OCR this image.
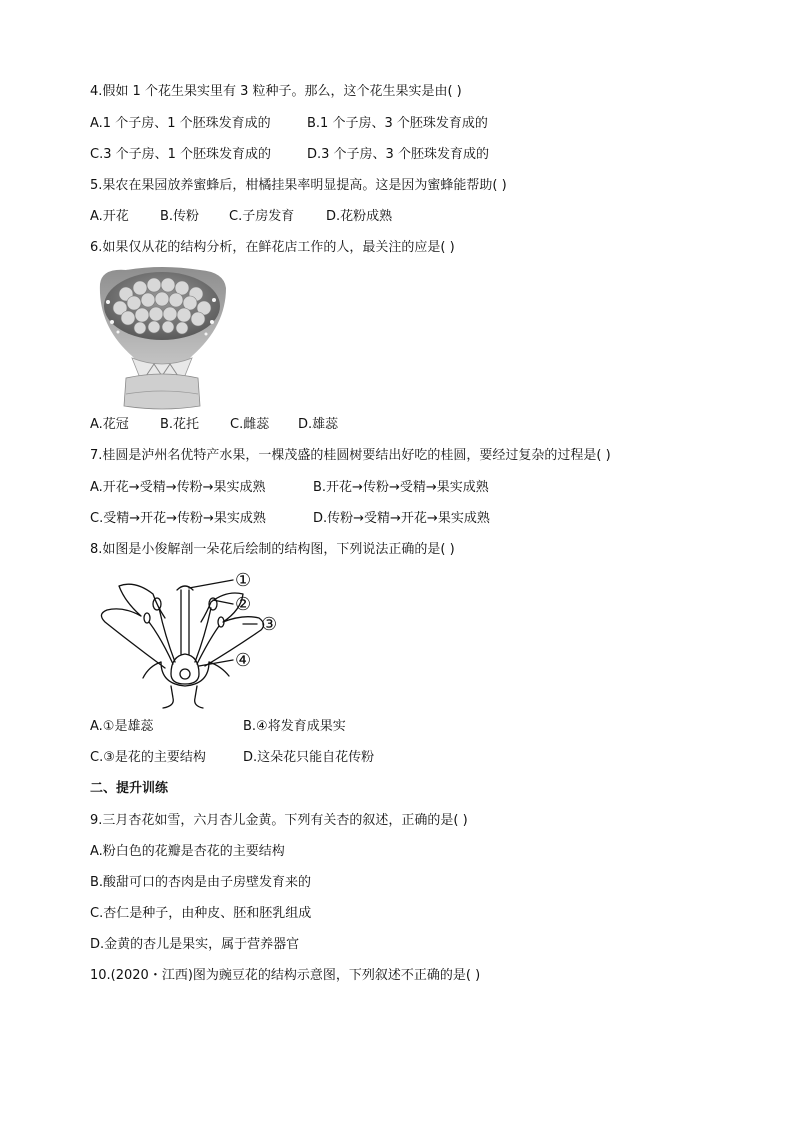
4.假如 1 个花生果实里有 3 粒种子。那么，这个花生果实是由( )
A.1 个子房、1 个胚珠发育成的	B.1 个子房、3 个胚珠发育成的
C.3 个子房、1 个胚珠发育成的	D.3 个子房、3 个胚珠发育成的
5.果农在果园放养蜜蜂后，柑橘挂果率明显提高。这是因为蜜蜂能帮助( )
A.开花 B.传粉 C.子房发育 D.花粉成熟
6.如果仅从花的结构分析，在鲜花店工作的人，最关注的应是( )
A.花冠 B.花托 C.雌蕊 D.雄蕊
7.桂圆是泸州名优特产水果，一棵茂盛的桂圆树要结出好吃的桂圆，要经过复杂的过程是( )
A.开花→受精→传粉→果实成熟	B.开花→传粉→受精→果实成熟
C.受精→开花→传粉→果实成熟	D.传粉→受精→开花→果实成熟
8.如图是小俊解剖一朵花后绘制的结构图，下列说法正确的是( )
①
②
③
④
A.①是雄蕊	B.④将发育成果实
C.③是花的主要结构	D.这朵花只能自花传粉
二、提升训练
9.三月杏花如雪，六月杏儿金黄。下列有关杏的叙述，正确的是( )
A.粉白色的花瓣是杏花的主要结构
B.酸甜可口的杏肉是由子房壁发育来的
C.杏仁是种子，由种皮、胚和胚乳组成
D.金黄的杏儿是果实，属于营养器官
10.(2020・江西)图为豌豆花的结构示意图，下列叙述不正确的是( )
